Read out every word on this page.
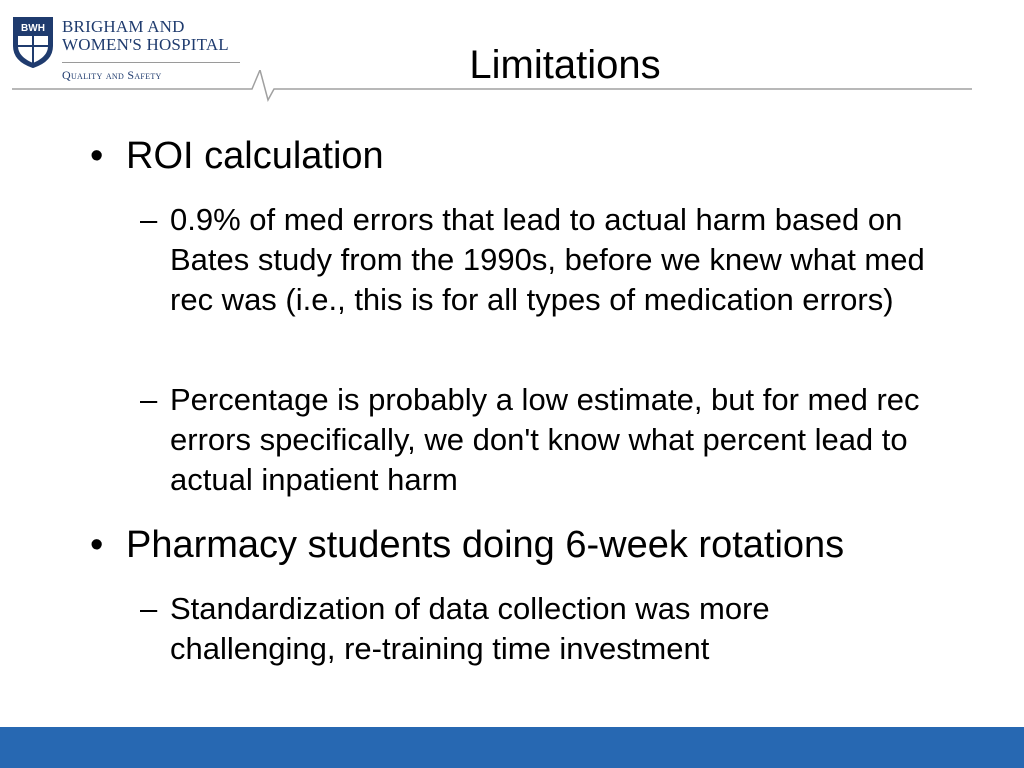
BWH BRIGHAM AND
WOMEN'S HOSPITAL
Quality and Safety	Limitations
• ROI calculation
– 0.9% of med errors that lead to actual harm based on Bates study from the 1990s, before we knew what med rec was (i.e., this is for all types of medication errors)
– Percentage is probably a low estimate, but for med rec errors specifically, we don't know what percent lead to actual inpatient harm
• Pharmacy students doing 6-week rotations
– Standardization of data collection was more challenging, re-training time investment
